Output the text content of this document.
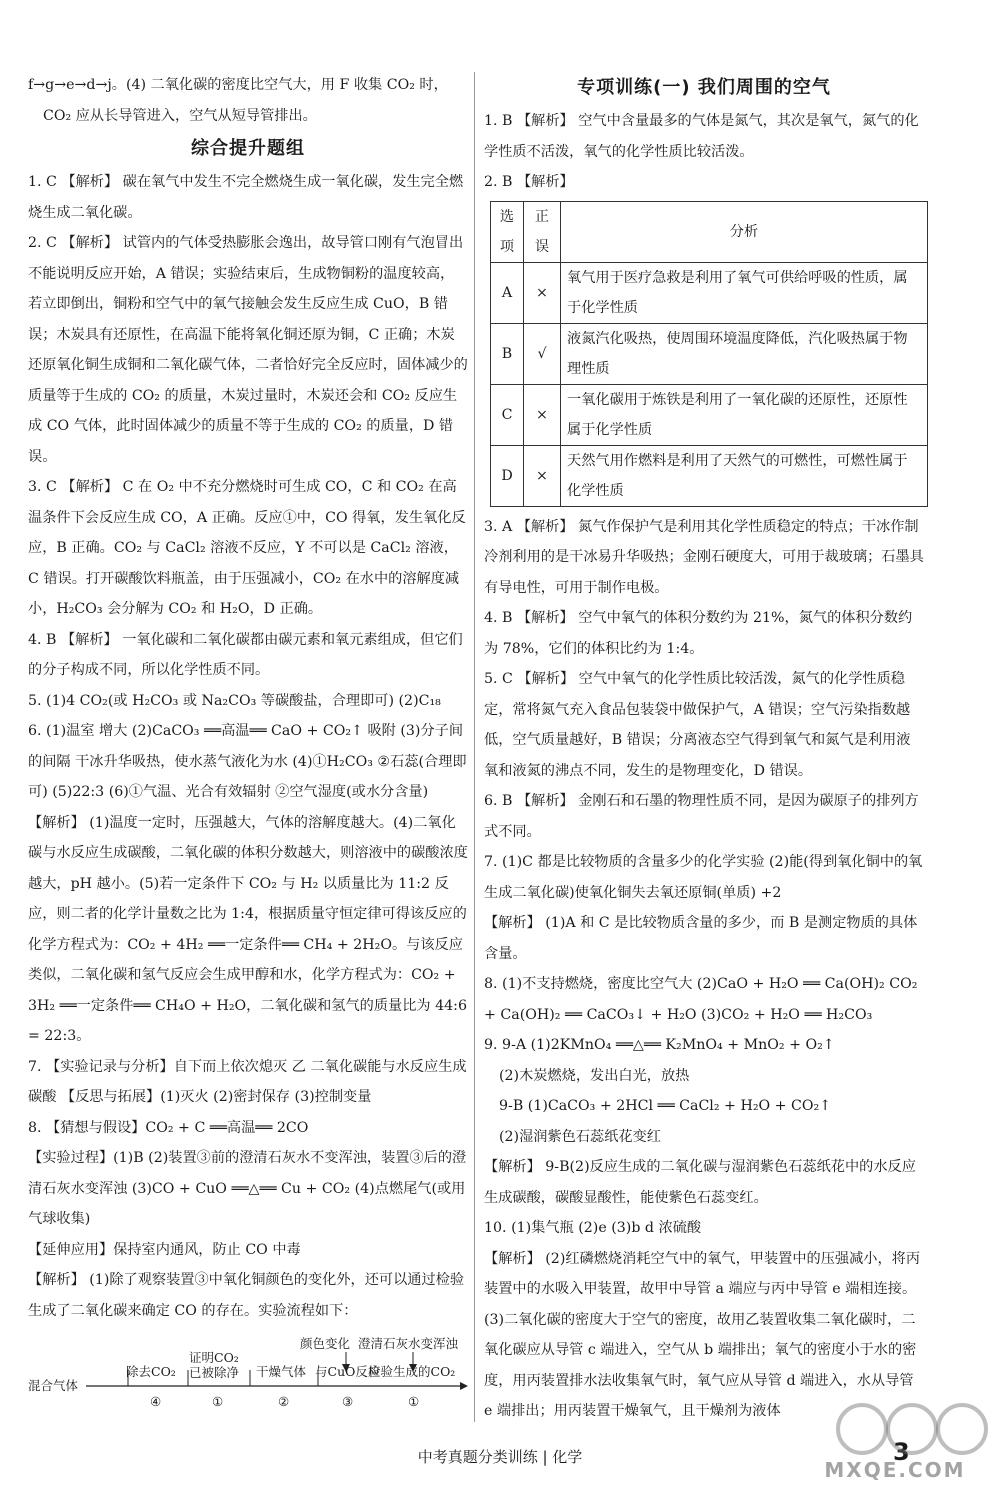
f→g→e→d→j。(4) 二氧化碳的密度比空气大，用 F 收集 CO₂ 时，

CO₂ 应从长导管进入，空气从短导管排出。

综合提升题组

1. C 【解析】 碳在氧气中发生不完全燃烧生成一氧化碳，发生完全燃烧生成二氧化碳。

2. C 【解析】 试管内的气体受热膨胀会逸出，故导管口刚有气泡冒出不能说明反应开始，A 错误；实验结束后，生成物铜粉的温度较高，若立即倒出，铜粉和空气中的氧气接触会发生反应生成 CuO，B 错误；木炭具有还原性，在高温下能将氧化铜还原为铜，C 正确；木炭还原氧化铜生成铜和二氧化碳气体，二者恰好完全反应时，固体减少的质量等于生成的 CO₂ 的质量，木炭过量时，木炭还会和 CO₂ 反应生成 CO 气体，此时固体减少的质量不等于生成的 CO₂ 的质量，D 错误。

3. C 【解析】 C 在 O₂ 中不充分燃烧时可生成 CO，C 和 CO₂ 在高温条件下会反应生成 CO，A 正确。反应①中，CO 得氧，发生氧化反应，B 正确。CO₂ 与 CaCl₂ 溶液不反应，Y 不可以是 CaCl₂ 溶液，C 错误。打开碳酸饮料瓶盖，由于压强减小，CO₂ 在水中的溶解度减小，H₂CO₃ 会分解为 CO₂ 和 H₂O，D 正确。

4. B 【解析】 一氧化碳和二氧化碳都由碳元素和氧元素组成，但它们的分子构成不同，所以化学性质不同。

5. (1)4 CO₂(或 H₂CO₃ 或 Na₂CO₃ 等碳酸盐，合理即可) (2)C₁₈

6. (1)温室 增大 (2)CaCO₃ ══高温══ CaO + CO₂↑ 吸附 (3)分子间的间隔 干冰升华吸热，使水蒸气液化为水 (4)①H₂CO₃ ②石蕊(合理即可) (5)22:3 (6)①气温、光合有效辐射 ②空气湿度(或水分含量)

【解析】 (1)温度一定时，压强越大，气体的溶解度越大。(4)二氧化碳与水反应生成碳酸，二氧化碳的体积分数越大，则溶液中的碳酸浓度越大，pH 越小。(5)若一定条件下 CO₂ 与 H₂ 以质量比为 11:2 反应，则二者的化学计量数之比为 1:4，根据质量守恒定律可得该反应的化学方程式为：CO₂ + 4H₂ ══一定条件══ CH₄ + 2H₂O。与该反应类似，二氧化碳和氢气反应会生成甲醇和水，化学方程式为：CO₂ + 3H₂ ══一定条件══ CH₄O + H₂O，二氧化碳和氢气的质量比为 44:6 = 22:3。

7. 【实验记录与分析】自下而上依次熄灭 乙 二氧化碳能与水反应生成碳酸 【反思与拓展】(1)灭火 (2)密封保存 (3)控制变量

8. 【猜想与假设】CO₂ + C ══高温══ 2CO

【实验过程】(1)B (2)装置③前的澄清石灰水不变浑浊，装置③后的澄清石灰水变浑浊 (3)CO + CuO ══△══ Cu + CO₂ (4)点燃尾气(或用气球收集)

【延伸应用】保持室内通风，防止 CO 中毒

【解析】 (1)除了观察装置③中氧化铜颜色的变化外，还可以通过检验生成了二氧化碳来确定 CO 的存在。实验流程如下：

混合气体
除去CO₂
④
证明CO₂
已被除净
①
干燥气体
②
颜色变化
与CuO反应
③
澄清石灰水变浑浊
检验生成的CO₂
①

专项训练(一) 我们周围的空气

1. B 【解析】 空气中含量最多的气体是氮气，其次是氧气，氮气的化学性质不活泼，氧气的化学性质比较活泼。

2. B 【解析】

选项	正误	分析
A	×	氧气用于医疗急救是利用了氧气可供给呼吸的性质，属于化学性质
B	√	液氮汽化吸热，使周围环境温度降低，汽化吸热属于物理性质
C	×	一氧化碳用于炼铁是利用了一氧化碳的还原性，还原性属于化学性质
D	×	天然气用作燃料是利用了天然气的可燃性，可燃性属于化学性质

3. A 【解析】 氮气作保护气是利用其化学性质稳定的特点；干冰作制冷剂利用的是干冰易升华吸热；金刚石硬度大，可用于裁玻璃；石墨具有导电性，可用于制作电极。

4. B 【解析】 空气中氧气的体积分数约为 21%，氮气的体积分数约为 78%，它们的体积比约为 1:4。

5. C 【解析】 空气中氧气的化学性质比较活泼，氮气的化学性质稳定，常将氮气充入食品包装袋中做保护气，A 错误；空气污染指数越低，空气质量越好，B 错误；分离液态空气得到氧气和氮气是利用液氧和液氮的沸点不同，发生的是物理变化，D 错误。

6. B 【解析】 金刚石和石墨的物理性质不同，是因为碳原子的排列方式不同。

7. (1)C 都是比较物质的含量多少的化学实验 (2)能(得到氧化铜中的氧生成二氧化碳)使氧化铜失去氧还原铜(单质) +2

【解析】 (1)A 和 C 是比较物质含量的多少，而 B 是测定物质的具体含量。

8. (1)不支持燃烧，密度比空气大 (2)CaO + H₂O ══ Ca(OH)₂ CO₂ + Ca(OH)₂ ══ CaCO₃↓ + H₂O (3)CO₂ + H₂O ══ H₂CO₃

9. 9-A (1)2KMnO₄ ══△══ K₂MnO₄ + MnO₂ + O₂↑

(2)木炭燃烧，发出白光，放热

9-B (1)CaCO₃ + 2HCl ══ CaCl₂ + H₂O + CO₂↑

(2)湿润紫色石蕊纸花变红

【解析】 9-B(2)反应生成的二氧化碳与湿润紫色石蕊纸花中的水反应生成碳酸，碳酸显酸性，能使紫色石蕊变红。

10. (1)集气瓶 (2)e (3)b d 浓硫酸

【解析】 (2)红磷燃烧消耗空气中的氧气，甲装置中的压强减小，将丙装置中的水吸入甲装置，故甲中导管 a 端应与丙中导管 e 端相连接。(3)二氧化碳的密度大于空气的密度，故用乙装置收集二氧化碳时，二氧化碳应从导管 c 端进入，空气从 b 端排出；氧气的密度小于水的密度，用丙装置排水法收集氧气时，氧气应从导管 d 端进入，水从导管 e 端排出；用丙装置干燥氧气，且干燥剂为液体

中考真题分类训练 | 化学	3
MXQE.COM
